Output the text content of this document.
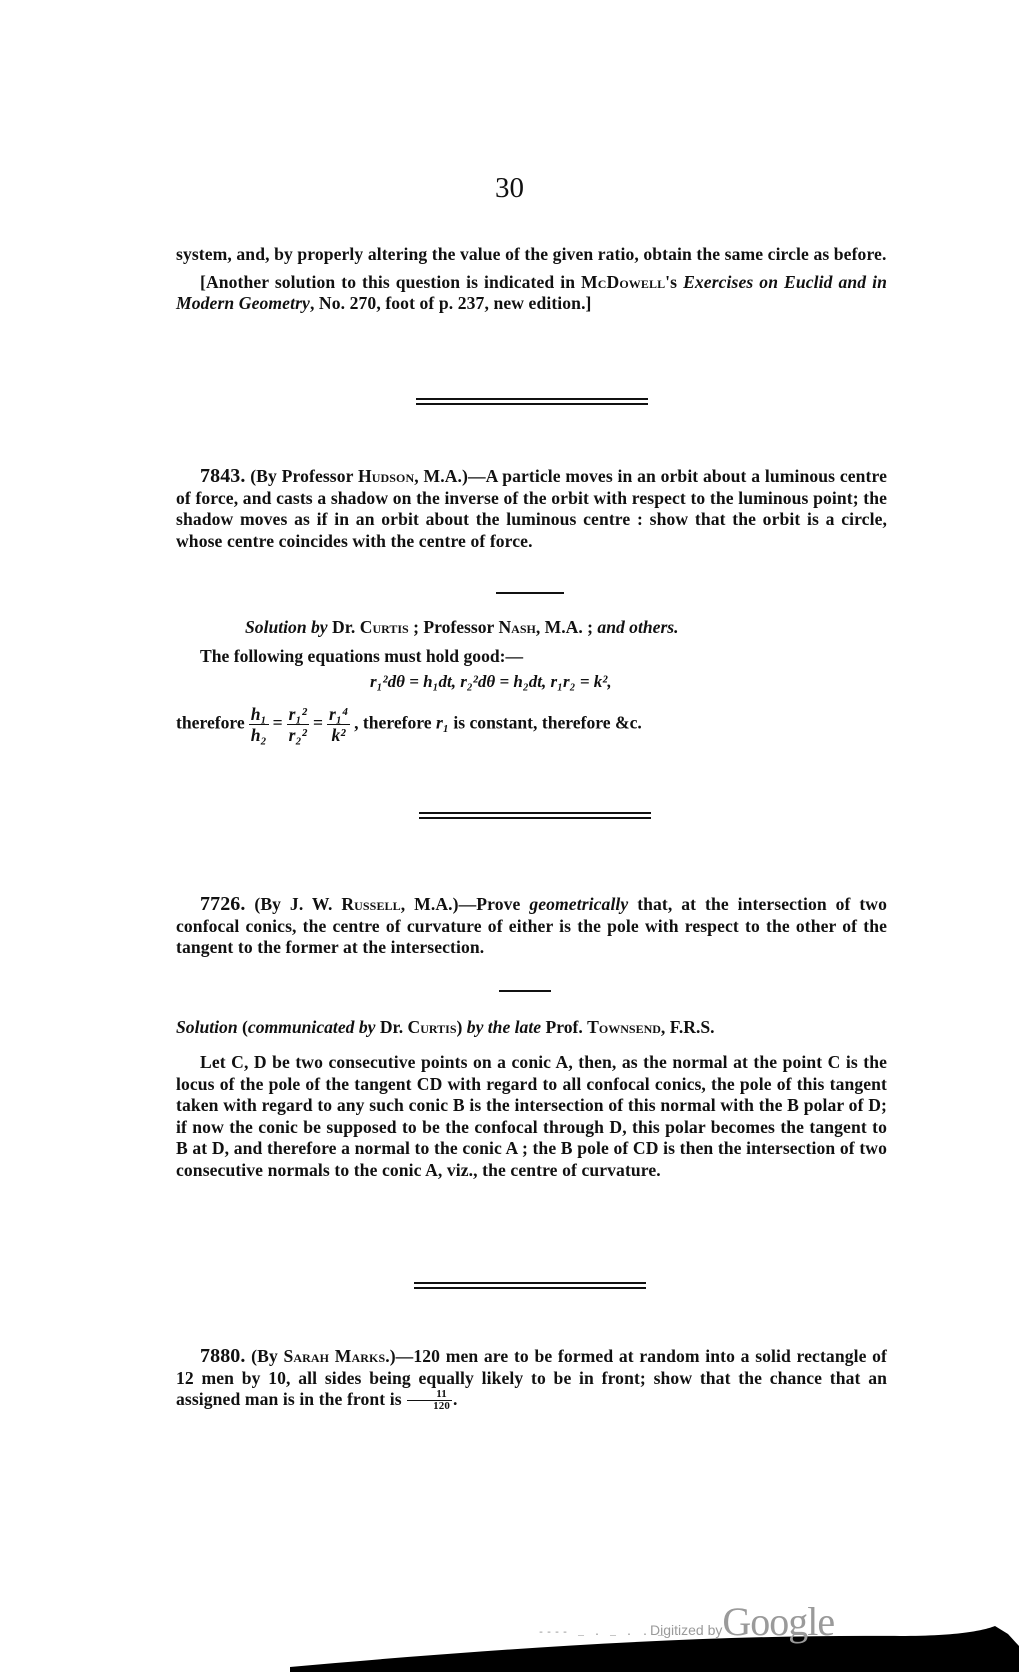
30

system, and, by properly altering the value of the given ratio, obtain the same circle as before.

[Another solution to this question is indicated in McDowell's Exercises on Euclid and in Modern Geometry, No. 270, foot of p. 237, new edition.]

7843. (By Professor Hudson, M.A.)—A particle moves in an orbit about a luminous centre of force, and casts a shadow on the inverse of the orbit with respect to the luminous point; the shadow moves as if in an orbit about the luminous centre : show that the orbit is a circle, whose centre coincides with the centre of force.

Solution by Dr. Curtis ; Professor Nash, M.A. ; and others.
The following equations must hold good:—
r₁²dθ = h₁dt, r₂²dθ = h₂dt, r₁r₂ = k²,
therefore $\frac{\text{h₁}}{\text{h₂}} = \frac{\text{r₁²}}{\text{r₂²}} = \frac{\text{r₁⁴}}{\text{k²}}$ , therefore r₁ is constant, therefore &c.

7726. (By J. W. Russell, M.A.)—Prove geometrically that, at the intersection of two confocal conics, the centre of curvature of either is the pole with respect to the other of the tangent to the former at the intersection.

Solution (communicated by Dr. Curtis) by the late Prof. Townsend, F.R.S.

Let C, D be two consecutive points on a conic A, then, as the normal at the point C is the locus of the pole of the tangent CD with regard to all confocal conics, the pole of this tangent taken with regard to any such conic B is the intersection of this normal with the B polar of D; if now the conic be supposed to be the confocal through D, this polar becomes the tangent to B at D, and therefore a normal to the conic A ; the B pole of CD is then the intersection of two consecutive normals to the conic A, viz., the centre of curvature.

7880. (By Sarah Marks.)—120 men are to be formed at random into a solid rectangle of 12 men by 10, all sides being equally likely to be in front; show that the chance that an assigned man is in the front is $\frac{11}{120}$ .

---- _ . _ . . _
Digitized byGoogle
